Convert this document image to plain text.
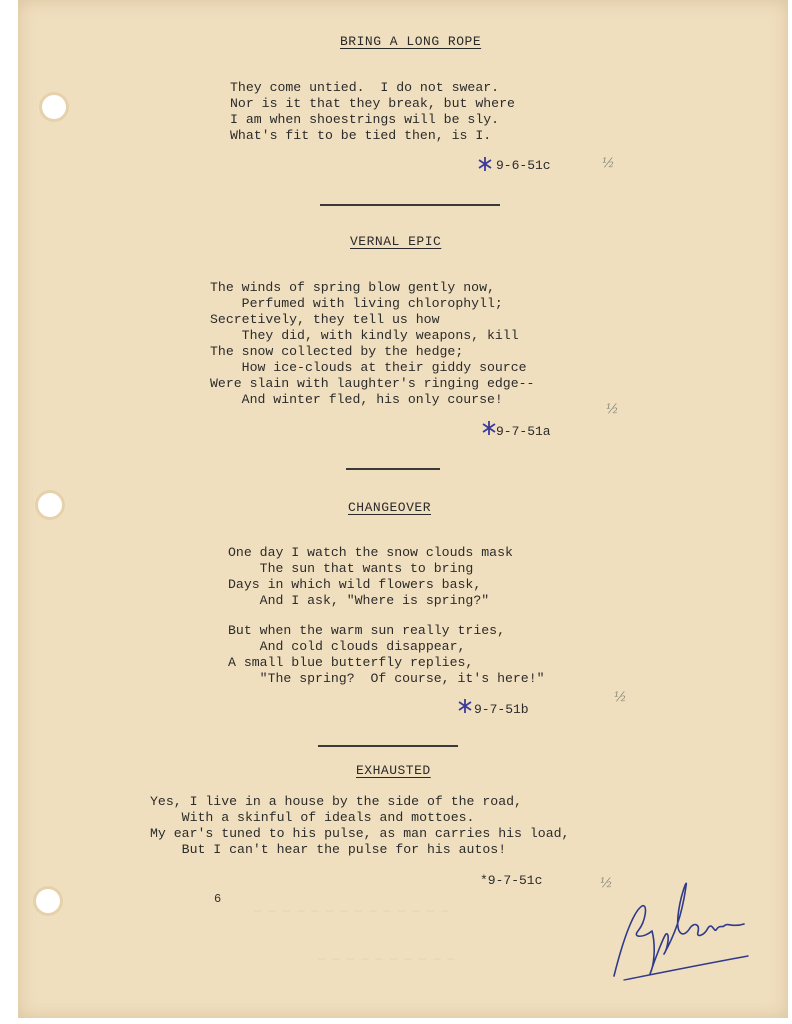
BRING A LONG ROPE
They come untied.  I do not swear.
Nor is it that they break, but where
I am when shoestrings will be sly.
What's fit to be tied then, is I.
9-6-51c	½
VERNAL EPIC
The winds of spring blow gently now,
Perfumed with living chlorophyll;
Secretively, they tell us how
They did, with kindly weapons, kill
The snow collected by the hedge;
How ice-clouds at their giddy source
Were slain with laughter's ringing edge--
And winter fled, his only course!
½
9-7-51a
CHANGEOVER
One day I watch the snow clouds mask
The sun that wants to bring
Days in which wild flowers bask,
And I ask, "Where is spring?"
But when the warm sun really tries,
And cold clouds disappear,
A small blue butterfly replies,
"The spring?  Of course, it's here!"
½
9-7-51b
EXHAUSTED
Yes, I live in a house by the side of the road,
With a skinful of ideals and mottoes.
My ear's tuned to his pulse, as man carries his load,
But I can't hear the pulse for his autos!
*9-7-51c	½
6
— — — — — — — — — — — — — —
— — — — — — — — — —
